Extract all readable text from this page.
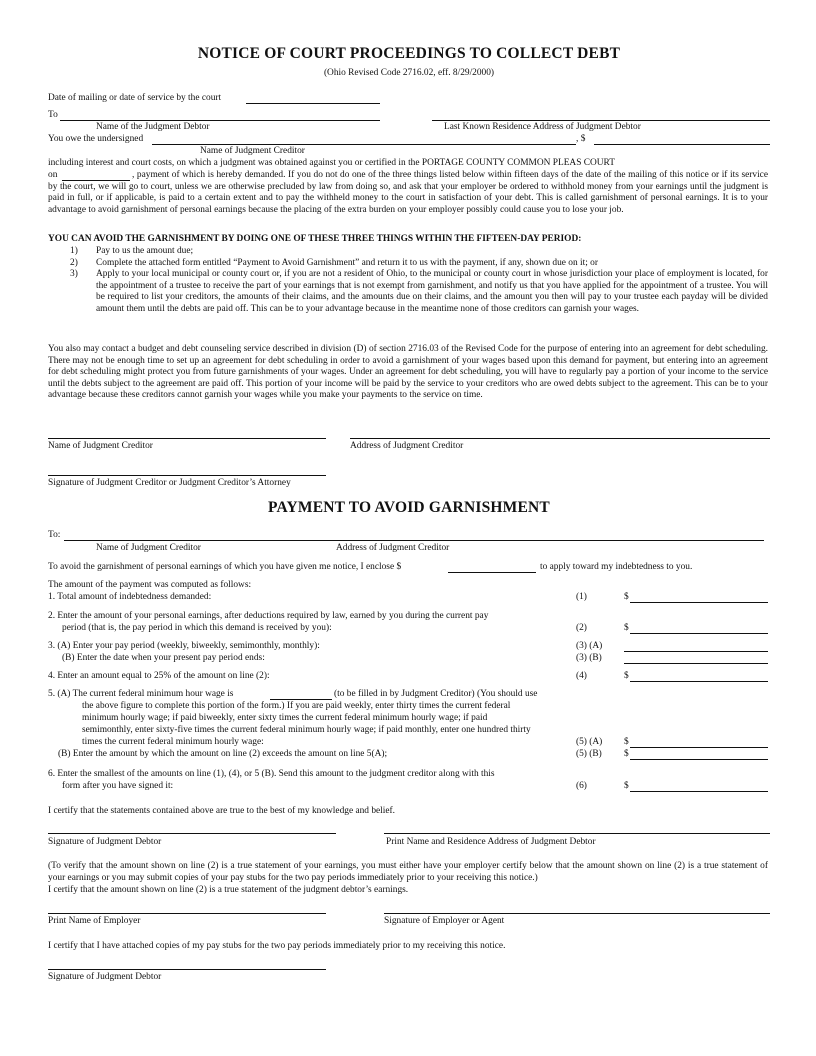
NOTICE OF COURT PROCEEDINGS TO COLLECT DEBT
(Ohio Revised Code 2716.02, eff. 8/29/2000)
Date of mailing or date of service by the court
To
Name of the Judgment Debtor	Last Known Residence Address of Judgment Debtor
You owe the undersigned	, $
Name of Judgment Creditor
including interest and court costs, on which a judgment was obtained against you or certified in the PORTAGE COUNTY COMMON PLEAS COURT
on	, payment of which is hereby demanded. If you do not do one of the three things listed below within fifteen days of the date of the mailing of this notice or if its service by the court, we will go to court, unless we are otherwise precluded by law from doing so, and ask that your employer be ordered to withhold money from your earnings until the judgment is paid in full, or if applicable, is paid to a certain extent and to pay the withheld money to the court in satisfaction of your debt. This is called garnishment of personal earnings. It is to your advantage to avoid garnishment of personal earnings because the placing of the extra burden on your employer possibly could cause you to lose your job.
YOU CAN AVOID THE GARNISHMENT BY DOING ONE OF THESE THREE THINGS WITHIN THE FIFTEEN-DAY PERIOD:
1)	Pay to us the amount due;
2)	Complete the attached form entitled “Payment to Avoid Garnishment” and return it to us with the payment, if any, shown due on it; or
3)	Apply to your local municipal or county court or, if you are not a resident of Ohio, to the municipal or county court in whose jurisdiction your place of employment is located, for the appointment of a trustee to receive the part of your earnings that is not exempt from garnishment, and notify us that you have applied for the appointment of a trustee. You will be required to list your creditors, the amounts of their claims, and the amounts due on their claims, and the amount you then will pay to your trustee each payday will be divided amount them until the debts are paid off. This can be to your advantage because in the meantime none of those creditors can garnish your wages.
You also may contact a budget and debt counseling service described in division (D) of section 2716.03 of the Revised Code for the purpose of entering into an agreement for debt scheduling. There may not be enough time to set up an agreement for debt scheduling in order to avoid a garnishment of your wages based upon this demand for payment, but entering into an agreement for debt scheduling might protect you from future garnishments of your wages. Under an agreement for debt scheduling, you will have to regularly pay a portion of your income to the service until the debts subject to the agreement are paid off. This portion of your income will be paid by the service to your creditors who are owed debts subject to the agreement. This can be to your advantage because these creditors cannot garnish your wages while you make your payments to the service on time.
Name of Judgment Creditor	Address of Judgment Creditor
Signature of Judgment Creditor or Judgment Creditor’s Attorney
PAYMENT TO AVOID GARNISHMENT
To:
Name of Judgment Creditor	Address of Judgment Creditor
To avoid the garnishment of personal earnings of which you have given me notice, I enclose $	to apply toward my indebtedness to you.
The amount of the payment was computed as follows:
1. Total amount of indebtedness demanded:	(1)	$
2. Enter the amount of your personal earnings, after deductions required by law, earned by you during the current pay
period (that is, the pay period in which this demand is received by you):	(2)	$
3. (A) Enter your pay period (weekly, biweekly, semimonthly, monthly):	(3) (A)
(B) Enter the date when your present pay period ends:	(3) (B)
4. Enter an amount equal to 25% of the amount on line (2):	(4)	$
5. (A) The current federal minimum hour wage is	(to be filled in by Judgment Creditor) (You should use
the above figure to complete this portion of the form.) If you are paid weekly, enter thirty times the current federal
minimum hourly wage; if paid biweekly, enter sixty times the current federal minimum hourly wage; if paid
semimonthly, enter sixty-five times the current federal minimum hourly wage; if paid monthly, enter one hundred thirty
times the current federal minimum hourly wage:	(5) (A) $
(B) Enter the amount by which the amount on line (2) exceeds the amount on line 5(A);	(5) (B) $
6. Enter the smallest of the amounts on line (1), (4), or 5 (B). Send this amount to the judgment creditor along with this
form after you have signed it:	(6)	$
I certify that the statements contained above are true to the best of my knowledge and belief.
Signature of Judgment Debtor	Print Name and Residence Address of Judgment Debtor
(To verify that the amount shown on line (2) is a true statement of your earnings, you must either have your employer certify below that the amount shown on line (2) is a true statement of your earnings or you may submit copies of your pay stubs for the two pay periods immediately prior to your receiving this notice.)
I certify that the amount shown on line (2) is a true statement of the judgment debtor’s earnings.
Print Name of Employer	Signature of Employer or Agent
I certify that I have attached copies of my pay stubs for the two pay periods immediately prior to my receiving this notice.
Signature of Judgment Debtor
